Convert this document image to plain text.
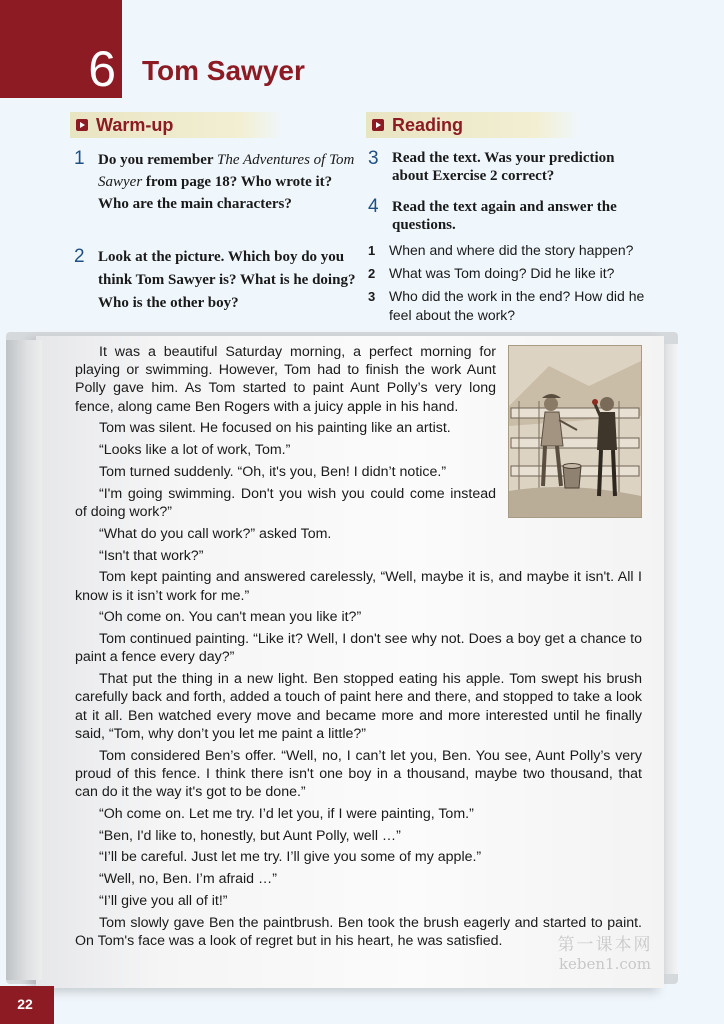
6 Tom Sawyer
Warm-up	Reading
1 Do you remember The Adventures of Tom Sawyer from page 18? Who wrote it? Who are the main characters?
2 Look at the picture. Which boy do you think Tom Sawyer is? What is he doing? Who is the other boy?
3 Read the text. Was your prediction about Exercise 2 correct?
4 Read the text again and answer the questions.
1 When and where did the story happen?
2 What was Tom doing? Did he like it?
3 Who did the work in the end? How did he feel about the work?

It was a beautiful Saturday morning, a perfect morning for playing or swimming. However, Tom had to finish the work Aunt Polly gave him. As Tom started to paint Aunt Polly’s very long fence, along came Ben Rogers with a juicy apple in his hand.

Tom was silent. He focused on his painting like an artist.

“Looks like a lot of work, Tom.”

Tom turned suddenly. “Oh, it's you, Ben! I didn’t notice.”

“I'm going swimming. Don't you wish you could come instead of doing work?”

“What do you call work?” asked Tom.

“Isn't that work?”

Tom kept painting and answered carelessly, “Well, maybe it is, and maybe it isn't. All I know is it isn’t work for me.”

“Oh come on. You can't mean you like it?”

Tom continued painting. “Like it? Well, I don't see why not. Does a boy get a chance to paint a fence every day?”

That put the thing in a new light. Ben stopped eating his apple. Tom swept his brush carefully back and forth, added a touch of paint here and there, and stopped to take a look at it all. Ben watched every move and became more and more interested until he finally said, “Tom, why don’t you let me paint a little?”

Tom considered Ben’s offer. “Well, no, I can’t let you, Ben. You see, Aunt Polly’s very proud of this fence. I think there isn't one boy in a thousand, maybe two thousand, that can do it the way it's got to be done.”

“Oh come on. Let me try. I’d let you, if I were painting, Tom.”

“Ben, I'd like to, honestly, but Aunt Polly, well …”

“I’ll be careful. Just let me try. I’ll give you some of my apple.”

“Well, no, Ben. I’m afraid …”

“I’ll give you all of it!”

Tom slowly gave Ben the paintbrush. Ben took the brush eagerly and started to paint. On Tom's face was a look of regret but in his heart, he was satisfied.	第一课本网
keben1.com
22
